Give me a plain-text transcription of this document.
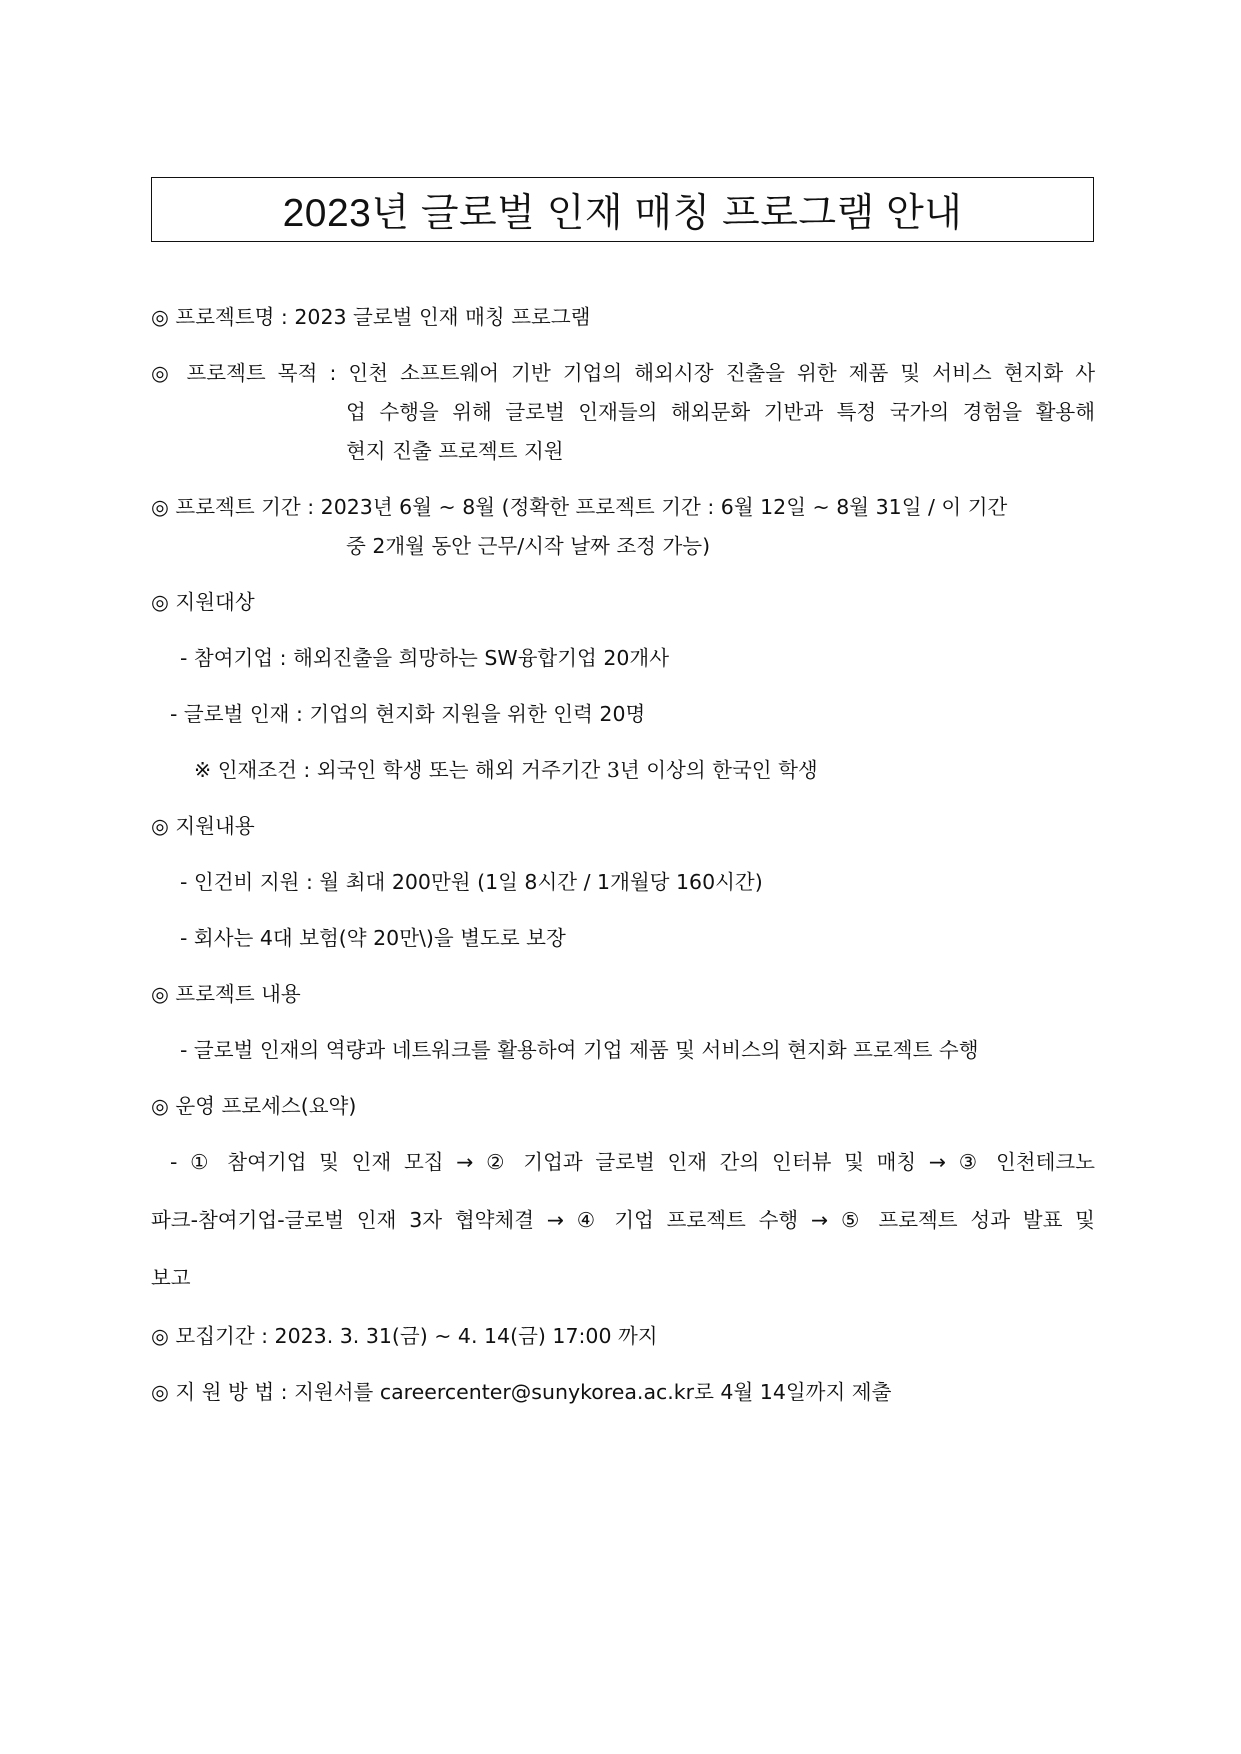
2023년 글로벌 인재 매칭 프로그램 안내
◎ 프로젝트명 : 2023 글로벌 인재 매칭 프로그램
◎ 프로젝트 목적 : 인천 소프트웨어 기반 기업의 해외시장 진출을 위한 제품 및 서비스 현지화 사
업 수행을 위해 글로벌 인재들의 해외문화 기반과 특정 국가의 경험을 활용해
현지 진출 프로젝트 지원
◎ 프로젝트 기간 : 2023년 6월 ~ 8월 (정확한 프로젝트 기간 : 6월 12일 ~ 8월 31일 / 이 기간
중 2개월 동안 근무/시작 날짜 조정 가능)
◎ 지원대상
- 참여기업 : 해외진출을 희망하는 SW융합기업 20개사
- 글로벌 인재 : 기업의 현지화 지원을 위한 인력 20명
※ 인재조건 : 외국인 학생 또는 해외 거주기간 3년 이상의 한국인 학생
◎ 지원내용
- 인건비 지원 : 월 최대 200만원 (1일 8시간 / 1개월당 160시간)
- 회사는 4대 보험(약 20만\)을 별도로 보장
◎ 프로젝트 내용
- 글로벌 인재의 역량과 네트워크를 활용하여 기업 제품 및 서비스의 현지화 프로젝트 수행
◎ 운영 프로세스(요약)
- ① 참여기업 및 인재 모집 → ② 기업과 글로벌 인재 간의 인터뷰 및 매칭 → ③ 인천테크노
파크-참여기업-글로벌 인재 3자 협약체결 → ④ 기업 프로젝트 수행 → ⑤ 프로젝트 성과 발표 및
보고
◎ 모집기간 : 2023. 3. 31(금) ~ 4. 14(금) 17:00 까지
◎ 지 원 방 법 : 지원서를 careercenter@sunykorea.ac.kr로 4월 14일까지 제출
